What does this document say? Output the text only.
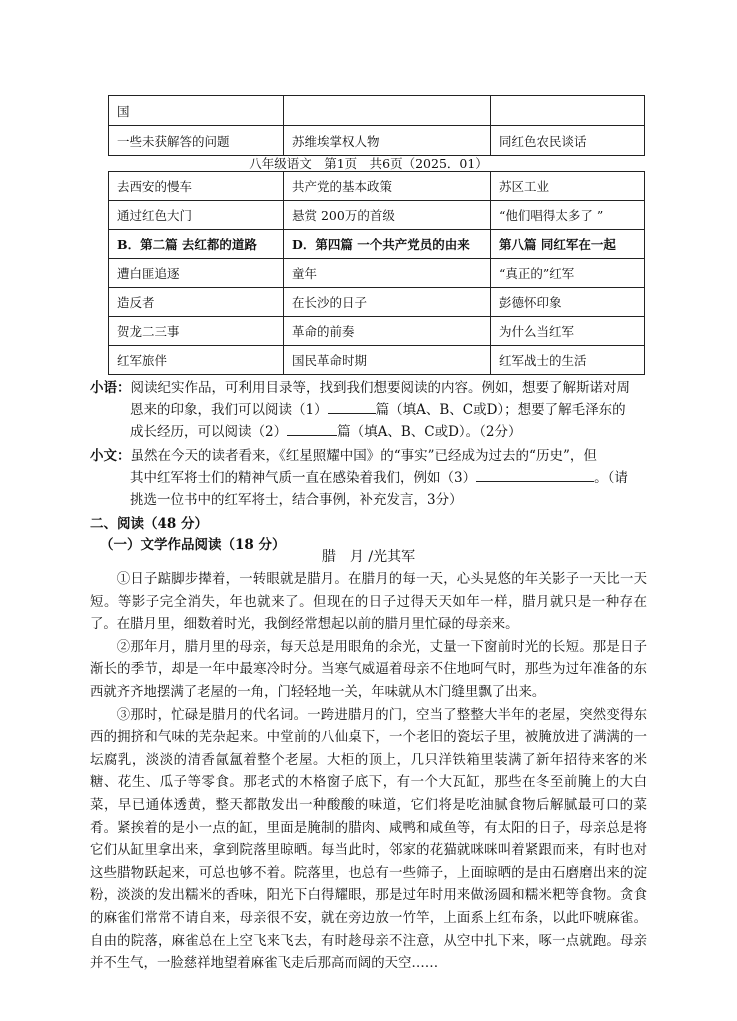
国		
一些未获解答的问题	苏维埃掌权人物	同红色农民谈话
八年级语文　第1页　共6页（2025．01）
去西安的慢车	共产党的基本政策	苏区工业
通过红色大门	悬赏 200万的首级	“他们唱得太多了 ”
B．第二篇 去红都的道路	D．第四篇 一个共产党员的由来	第八篇 同红军在一起
遭白匪追逐	童年	“真正的”红军
造反者	在长沙的日子	彭德怀印象
贺龙二三事	革命的前奏	为什么当红军
红军旅伴	国民革命时期	红军战士的生活
小语：阅读纪实作品，可利用目录等，找到我们想要阅读的内容。例如，想要了解斯诺对周
恩来的印象，我们可以阅读（1）	篇（填A、B、C或D）；想要了解毛泽东的
成长经历，可以阅读（2）	篇（填A、B、C或D）。（2分）
小文：虽然在今天的读者看来，《红星照耀中国》的“事实”已经成为过去的“历史”，但
其中红军将士们的精神气质一直在感染着我们，例如（3）	。（请
挑选一位书中的红军将士，结合事例，补充发言，3分）
二、阅读（48 分）
（一）文学作品阅读（18 分）
腊　月 /光其军

①日子踮脚步撵着，一转眼就是腊月。在腊月的每一天，心头晃悠的年关影子一天比一天短。等影子完全消失，年也就来了。但现在的日子过得天天如年一样，腊月就只是一种存在了。在腊月里，细数着时光，我倒经常想起以前的腊月里忙碌的母亲来。

②那年月，腊月里的母亲，每天总是用眼角的余光，丈量一下窗前时光的长短。那是日子渐长的季节，却是一年中最寒冷时分。当寒气威逼着母亲不住地呵气时，那些为过年准备的东西就齐齐地摆满了老屋的一角，门轻轻地一关，年味就从木门缝里飘了出来。

③那时，忙碌是腊月的代名词。一跨进腊月的门，空当了整整大半年的老屋，突然变得东西的拥挤和气味的芜杂起来。中堂前的八仙桌下，一个老旧的瓷坛子里，被腌放进了满满的一坛腐乳，淡淡的清香氤氲着整个老屋。大柜的顶上，几只洋铁箱里装满了新年招待来客的米糖、花生、瓜子等零食。那老式的木格窗子底下，有一个大瓦缸，那些在冬至前腌上的大白菜，早已通体透黄，整天都散发出一种酸酸的味道，它们将是吃油腻食物后解腻最可口的菜肴。紧挨着的是小一点的缸，里面是腌制的腊肉、咸鸭和咸鱼等，有太阳的日子，母亲总是将它们从缸里拿出来，拿到院落里晾晒。每当此时，邻家的花猫就咪咪叫着紧跟而来，有时也对这些腊物跃起来，可总也够不着。院落里，也总有一些筛子，上面晾晒的是由石磨磨出来的淀粉，淡淡的发出糯米的香味，阳光下白得耀眼，那是过年时用来做汤圆和糯米粑等食物。贪食的麻雀们常常不请自来，母亲很不安，就在旁边放一竹竿，上面系上红布条，以此吓唬麻雀。自由的院落，麻雀总在上空飞来飞去，有时趁母亲不注意，从空中扎下来，啄一点就跑。母亲并不生气，一脸慈祥地望着麻雀飞走后那高而阔的天空……
